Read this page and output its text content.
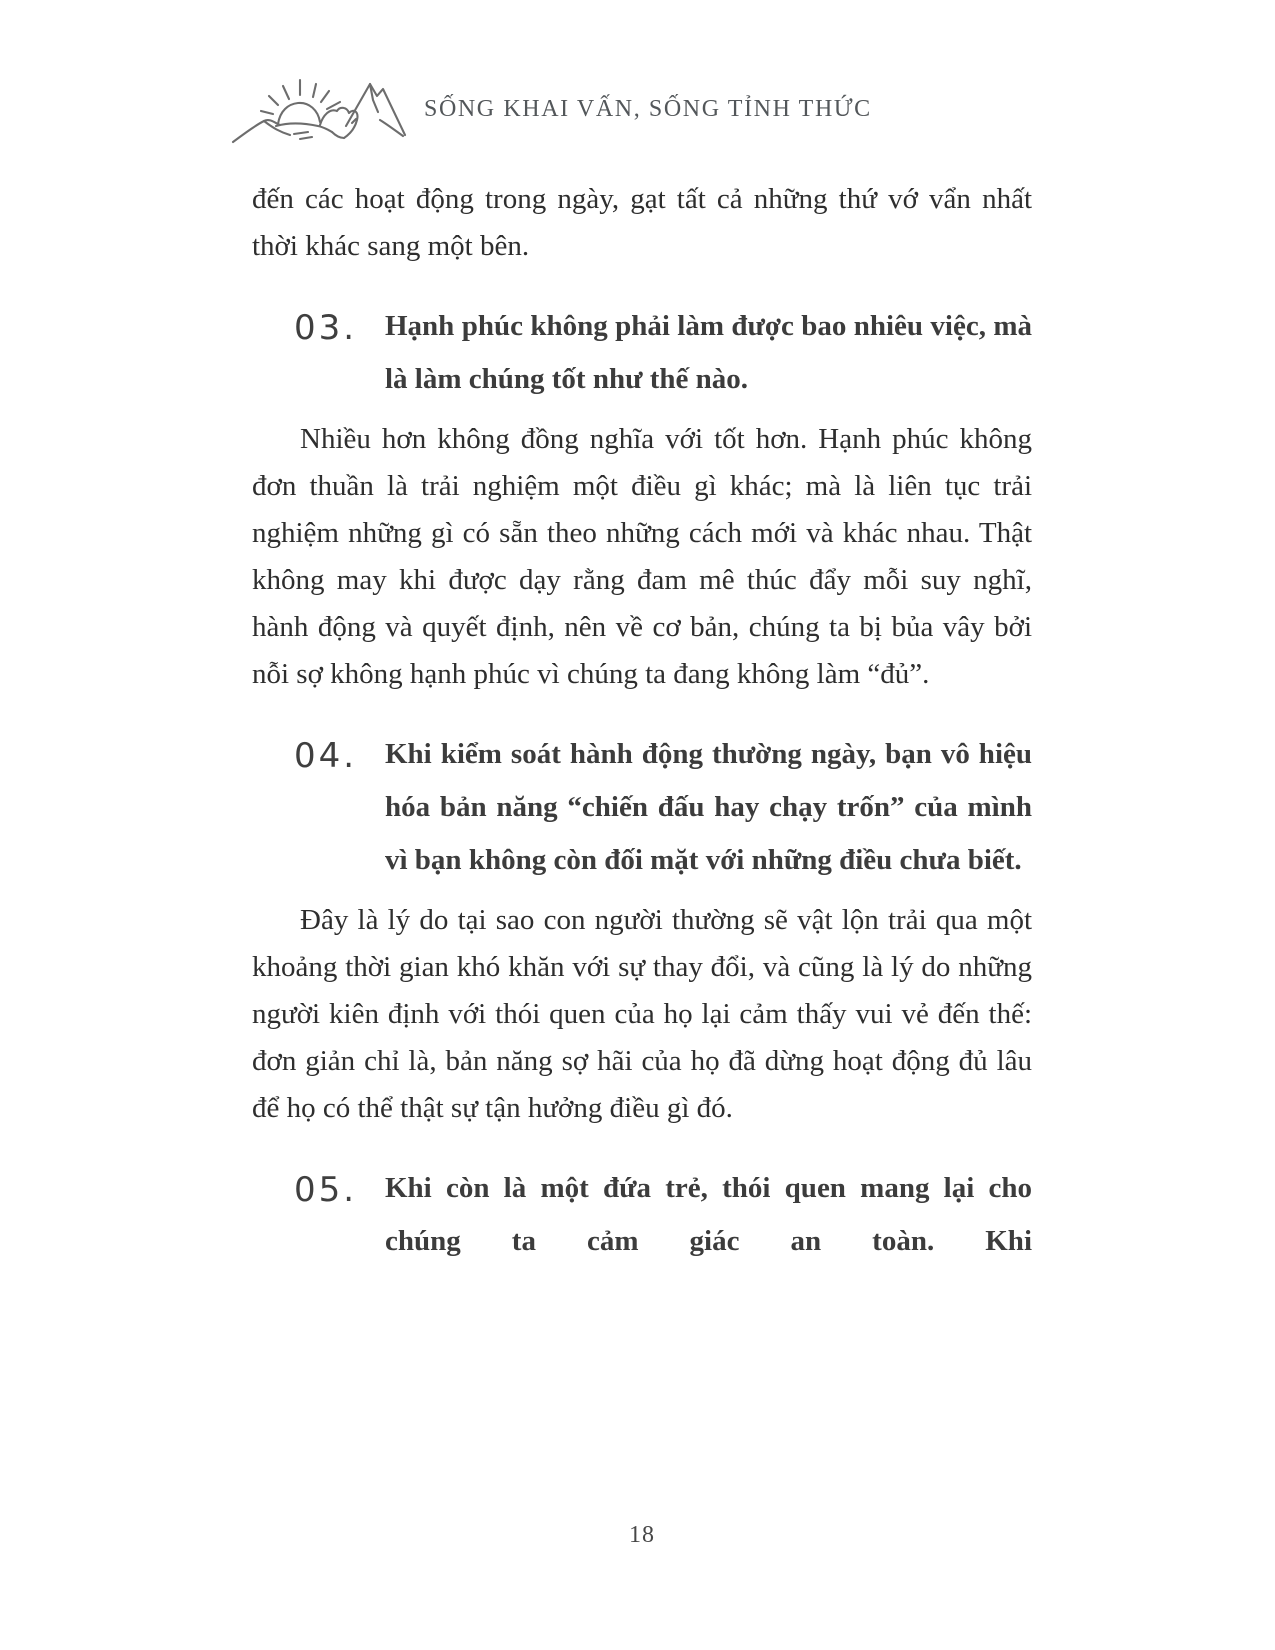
SỐNG KHAI VẤN, SỐNG TỈNH THỨC

đến các hoạt động trong ngày, gạt tất cả những thứ vớ vẩn nhất thời khác sang một bên.

03. Hạnh phúc không phải làm được bao nhiêu việc, mà là làm chúng tốt như thế nào.

Nhiều hơn không đồng nghĩa với tốt hơn. Hạnh phúc không đơn thuần là trải nghiệm một điều gì khác; mà là liên tục trải nghiệm những gì có sẵn theo những cách mới và khác nhau. Thật không may khi được dạy rằng đam mê thúc đẩy mỗi suy nghĩ, hành động và quyết định, nên về cơ bản, chúng ta bị bủa vây bởi nỗi sợ không hạnh phúc vì chúng ta đang không làm “đủ”.

04. Khi kiểm soát hành động thường ngày, bạn vô hiệu hóa bản năng “chiến đấu hay chạy trốn” của mình vì bạn không còn đối mặt với những điều chưa biết.

Đây là lý do tại sao con người thường sẽ vật lộn trải qua một khoảng thời gian khó khăn với sự thay đổi, và cũng là lý do những người kiên định với thói quen của họ lại cảm thấy vui vẻ đến thế: đơn giản chỉ là, bản năng sợ hãi của họ đã dừng hoạt động đủ lâu để họ có thể thật sự tận hưởng điều gì đó.

05. Khi còn là một đứa trẻ, thói quen mang lại cho chúng ta cảm giác an toàn. Khi
18
